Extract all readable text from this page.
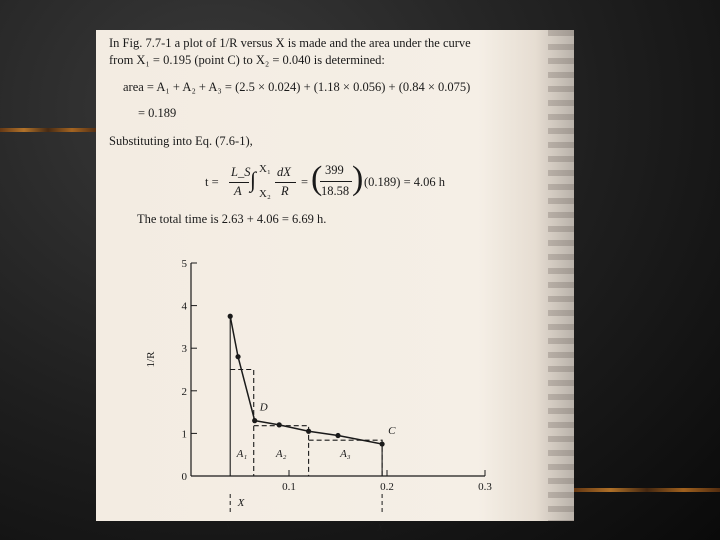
In Fig. 7.7-1 a plot of 1/R versus X is made and the area under the curve
from X₁ = 0.195 (point C) to X₂ = 0.040 is determined:
area = A₁ + A₂ + A₃ = (2.5 × 0.024) + (1.18 × 0.056) + (0.84 × 0.075)
= 0.189
Substituting into Eq. (7.6-1),
t =
L_S
A ∫ X₁
X₂
dX
R
= ( 399
18.58 ) (0.189) = 4.06 h
The total time is 2.63 + 4.06 = 6.69 h.
0
1
2
3
4
5
0.1	0.2	0.3
X
1/R
A₁	A₂	A₃
X₂	X₁
D
C
